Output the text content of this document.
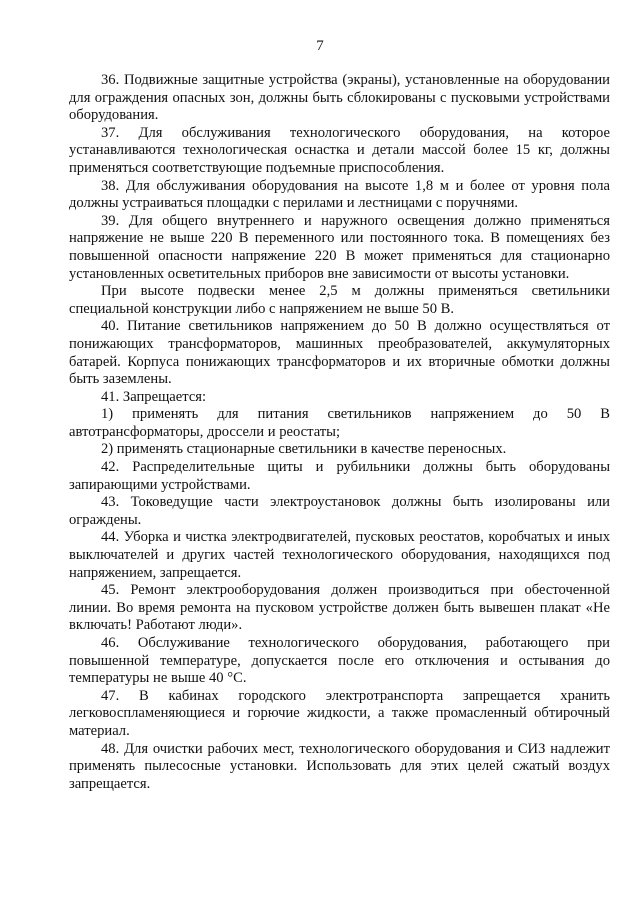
7

36. Подвижные защитные устройства (экраны), установленные на оборудовании для ограждения опасных зон, должны быть сблокированы с пусковыми устройствами оборудования.

37. Для обслуживания технологического оборудования, на которое устанавливаются технологическая оснастка и детали массой более 15 кг, должны применяться соответствующие подъемные приспособления.

38. Для обслуживания оборудования на высоте 1,8 м и более от уровня пола должны устраиваться площадки с перилами и лестницами с поручнями.

39. Для общего внутреннего и наружного освещения должно применяться напряжение не выше 220 В переменного или постоянного тока. В помещениях без повышенной опасности напряжение 220 В может применяться для стационарно установленных осветительных приборов вне зависимости от высоты установки.

При высоте подвески менее 2,5 м должны применяться светильники специальной конструкции либо с напряжением не выше 50 В.

40. Питание светильников напряжением до 50 В должно осуществляться от понижающих трансформаторов, машинных преобразователей, аккумуляторных батарей. Корпуса понижающих трансформаторов и их вторичные обмотки должны быть заземлены.

41. Запрещается:

1) применять для питания светильников напряжением до 50 В автотрансформаторы, дроссели и реостаты;

2) применять стационарные светильники в качестве переносных.

42. Распределительные щиты и рубильники должны быть оборудованы запирающими устройствами.

43. Токоведущие части электроустановок должны быть изолированы или ограждены.

44. Уборка и чистка электродвигателей, пусковых реостатов, коробчатых и иных выключателей и других частей технологического оборудования, находящихся под напряжением, запрещается.

45. Ремонт электрооборудования должен производиться при обесточенной линии. Во время ремонта на пусковом устройстве должен быть вывешен плакат «Не включать! Работают люди».

46. Обслуживание технологического оборудования, работающего при повышенной температуре, допускается после его отключения и остывания до температуры не выше 40 °С.

47. В кабинах городского электротранспорта запрещается хранить легковоспламеняющиеся и горючие жидкости, а также промасленный обтирочный материал.

48. Для очистки рабочих мест, технологического оборудования и СИЗ надлежит применять пылесосные установки. Использовать для этих целей сжатый воздух запрещается.
